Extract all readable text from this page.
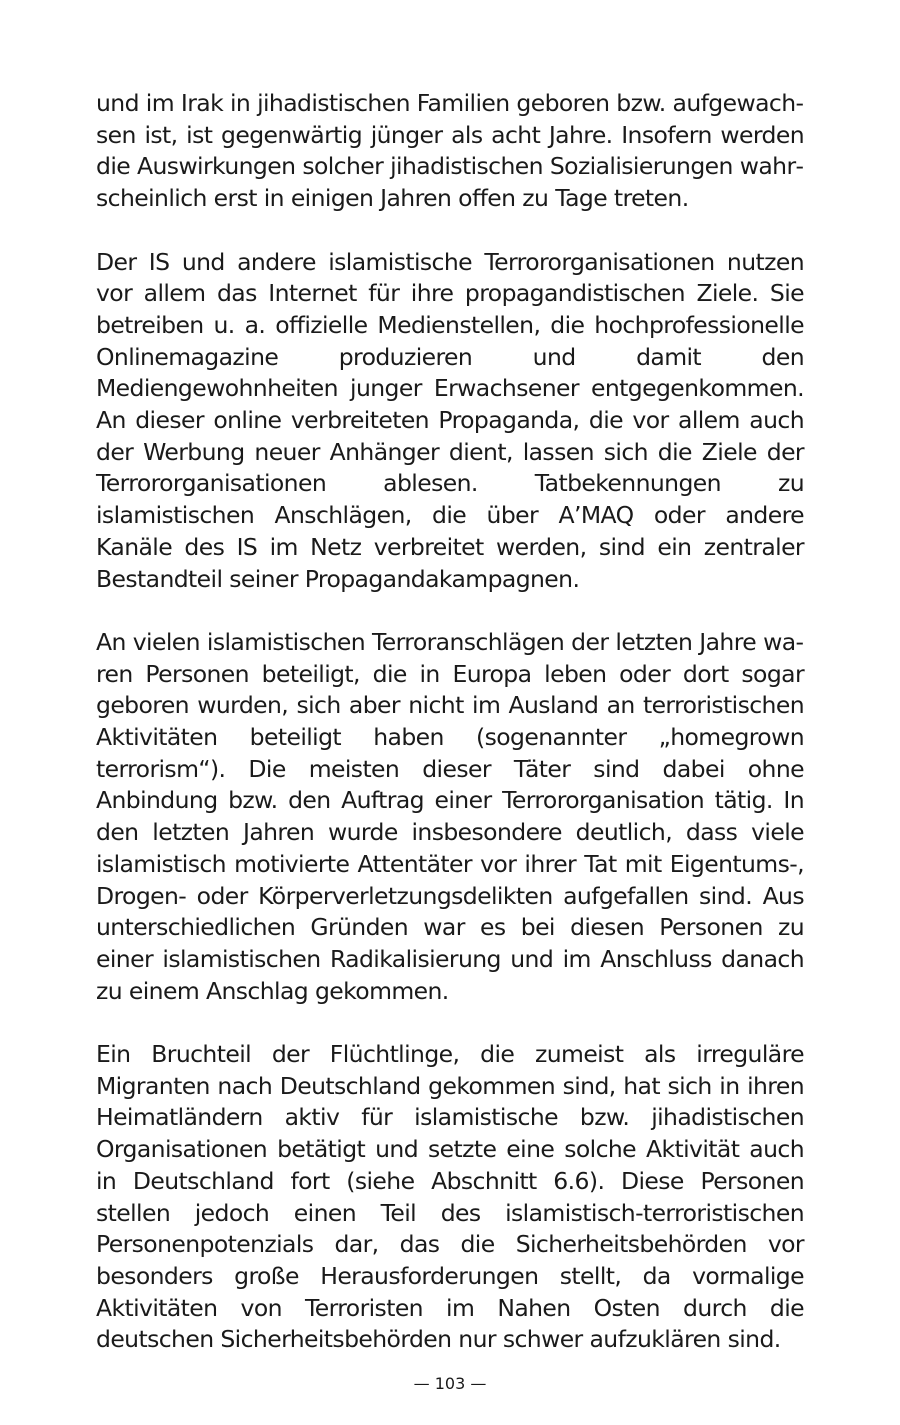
und im Irak in jihadistischen Familien geboren bzw. aufgewachsen ist, ist gegenwärtig jünger als acht Jahre. Insofern werden die Auswirkungen solcher jihadistischen Sozialisierungen wahrscheinlich erst in einigen Jahren offen zu Tage treten.

Der IS und andere islamistische Terrororganisationen nutzen vor allem das Internet für ihre propagandistischen Ziele. Sie betreiben u. a. offizielle Medienstellen, die hochprofessionelle Onlinemagazine produzieren und damit den Mediengewohnheiten junger Erwachsener entgegenkommen. An dieser online verbreiteten Propaganda, die vor allem auch der Werbung neuer Anhänger dient, lassen sich die Ziele der Terrororganisationen ablesen. Tatbekennungen zu islamistischen Anschlägen, die über A’MAQ oder andere Kanäle des IS im Netz verbreitet werden, sind ein zentraler Bestandteil seiner Propagandakampagnen.

An vielen islamistischen Terroranschlägen der letzten Jahre waren Personen beteiligt, die in Europa leben oder dort sogar geboren wurden, sich aber nicht im Ausland an terroristischen Aktivitäten beteiligt haben (sogenannter „homegrown terrorism“). Die meisten dieser Täter sind dabei ohne Anbindung bzw. den Auftrag einer Terrororganisation tätig. In den letzten Jahren wurde insbesondere deutlich, dass viele islamistisch motivierte Attentäter vor ihrer Tat mit Eigentums-, Drogen- oder Körperverletzungsdelikten aufgefallen sind. Aus unterschiedlichen Gründen war es bei diesen Personen zu einer islamistischen Radikalisierung und im Anschluss danach zu einem Anschlag gekommen.

Ein Bruchteil der Flüchtlinge, die zumeist als irreguläre Migranten nach Deutschland gekommen sind, hat sich in ihren Heimatländern aktiv für islamistische bzw. jihadistischen Organisationen betätigt und setzte eine solche Aktivität auch in Deutschland fort (siehe Abschnitt 6.6). Diese Personen stellen jedoch einen Teil des islamistisch-terroristischen Personenpotenzials dar, das die Sicherheitsbehörden vor besonders große Herausforderungen stellt, da vormalige Aktivitäten von Terroristen im Nahen Osten durch die deutschen Sicherheitsbehörden nur schwer aufzuklären sind.

— 103 —
